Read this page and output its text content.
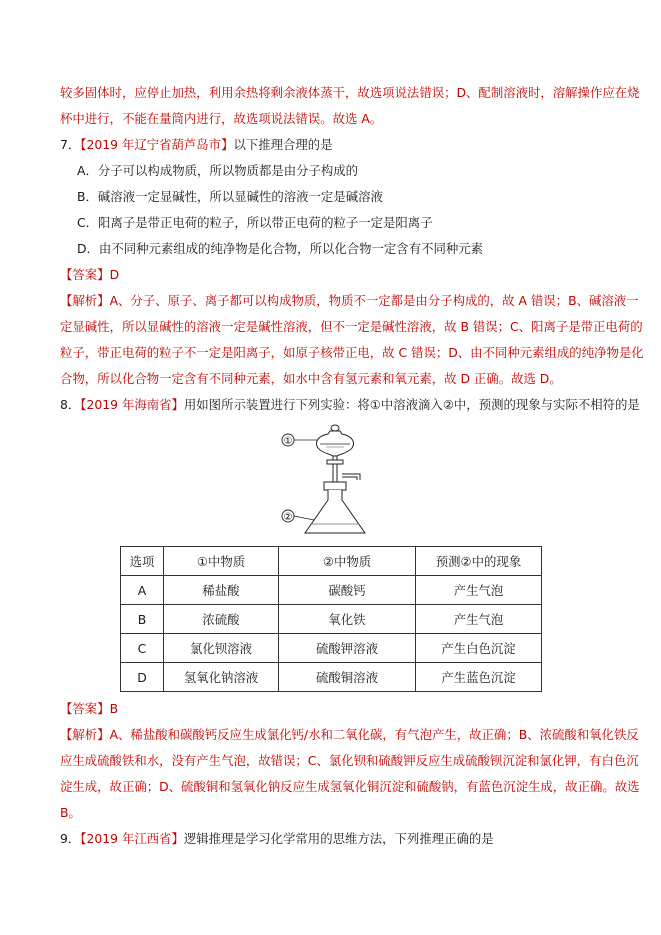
较多固体时，应停止加热，利用余热将剩余液体蒸干，故选项说法错误；D、配制溶液时，溶解操作应在烧
杯中进行，不能在量筒内进行，故选项说法错误。故选 A。
7．【2019 年辽宁省葫芦岛市】以下推理合理的是
A．分子可以构成物质，所以物质都是由分子构成的
B．碱溶液一定显碱性，所以显碱性的溶液一定是碱溶液
C．阳离子是带正电荷的粒子，所以带正电荷的粒子一定是阳离子
D．由不同种元素组成的纯净物是化合物，所以化合物一定含有不同种元素
【答案】D
【解析】A、分子、原子、离子都可以构成物质，物质不一定都是由分子构成的，故 A 错误；B、碱溶液一
定显碱性，所以显碱性的溶液一定是碱性溶液，但不一定是碱性溶液，故 B 错误；C、阳离子是带正电荷的
粒子，带正电荷的粒子不一定是阳离子，如原子核带正电，故 C 错误；D、由不同种元素组成的纯净物是化
合物，所以化合物一定含有不同种元素，如水中含有氢元素和氧元素，故 D 正确。故选 D。
8．【2019 年海南省】用如图所示装置进行下列实验：将①中溶液滴入②中，预测的现象与实际不相符的是
①
②
选项	①中物质	②中物质	预测②中的现象
A	稀盐酸	碳酸钙	产生气泡
B	浓硫酸	氧化铁	产生气泡
C	氯化钡溶液	硫酸钾溶液	产生白色沉淀
D	氢氧化钠溶液	硫酸铜溶液	产生蓝色沉淀
【答案】B
【解析】A、稀盐酸和碳酸钙反应生成氯化钙/水和二氧化碳，有气泡产生，故正确；B、浓硫酸和氧化铁反
应生成硫酸铁和水，没有产生气泡，故错误；C、氯化钡和硫酸钾反应生成硫酸钡沉淀和氯化钾，有白色沉
淀生成，故正确；D、硫酸铜和氢氧化钠反应生成氢氧化铜沉淀和硫酸钠，有蓝色沉淀生成，故正确。故选
B。
9．【2019 年江西省】逻辑推理是学习化学常用的思维方法，下列推理正确的是
